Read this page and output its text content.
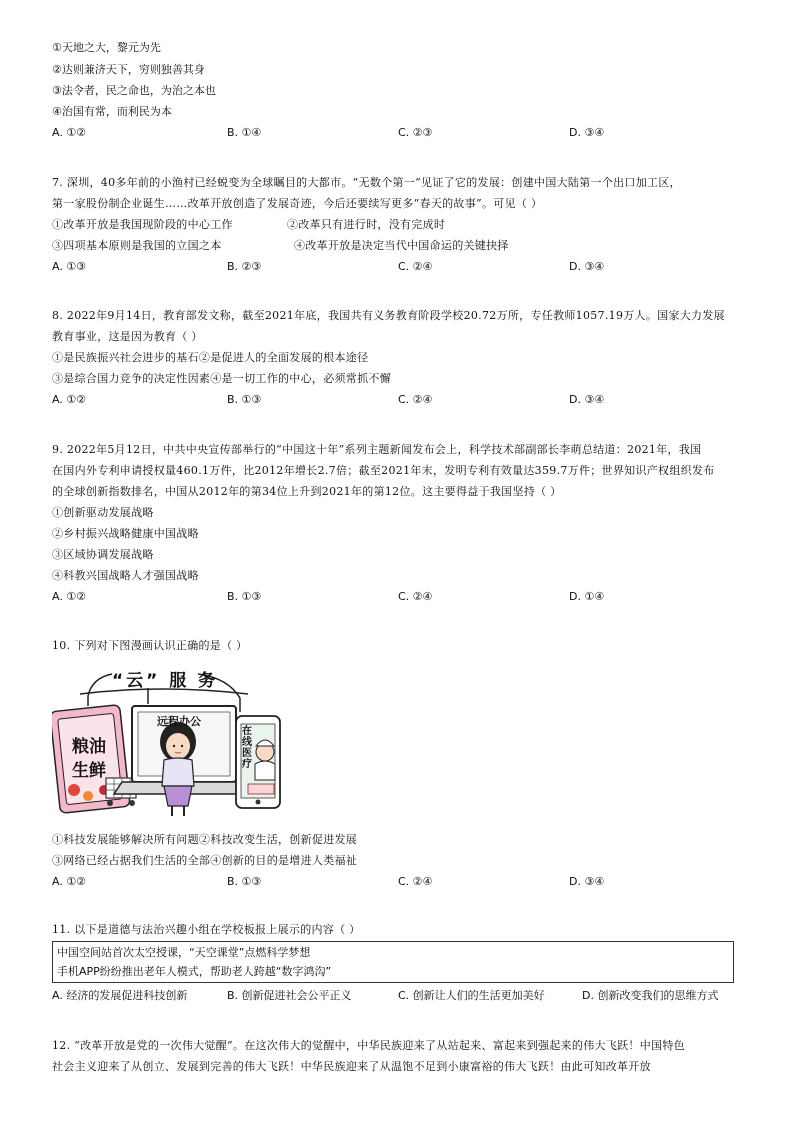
①天地之大，黎元为先
②达则兼济天下，穷则独善其身
③法令者，民之命也，为治之本也
④治国有常，而利民为本
A. ①②	B. ①④	C. ②③	D. ③④
7. 深圳，40多年前的小渔村已经蜕变为全球瞩目的大都市。“无数个第一”见证了它的发展：创建中国大陆第一个出口加工区，
第一家股份制企业诞生……改革开放创造了发展奇迹，今后还要续写更多“春天的故事”。可见（ ）
①改革开放是我国现阶段的中心工作	②改革只有进行时，没有完成时
③四项基本原则是我国的立国之本	④改革开放是决定当代中国命运的关键抉择
A. ①③	B. ②③	C. ②④	D. ③④
8. 2022年9月14日，教育部发文称，截至2021年底，我国共有义务教育阶段学校20.72万所，专任教师1057.19万人。国家大力发展
教育事业，这是因为教育（ ）
①是民族振兴社会进步的基石②是促进人的全面发展的根本途径
③是综合国力竞争的决定性因素④是一切工作的中心，必须常抓不懈
A. ①②	B. ①③	C. ②④	D. ③④
9. 2022年5月12日，中共中央宣传部举行的“中国这十年”系列主题新闻发布会上，科学技术部副部长李萌总结道：2021年，我国
在国内外专利申请授权量460.1万件，比2012年增长2.7倍；截至2021年末，发明专利有效量达359.7万件；世界知识产权组织发布
的全球创新指数排名，中国从2012年的第34位上升到2021年的第12位。这主要得益于我国坚持（ ）
①创新驱动发展战略
②乡村振兴战略健康中国战略
③区域协调发展战略
④科教兴国战略人才强国战略
A. ①②	B. ①③	C. ②④	D. ①④
10. 下列对下图漫画认识正确的是（ ）
“云” 服 务
远程办公
粮油
生鲜
在
线
医
疗
①科技发展能够解决所有问题②科技改变生活，创新促进发展
③网络已经占据我们生活的全部④创新的目的是增进人类福祉
A. ①②	B. ①③	C. ②④	D. ③④
11. 以下是道德与法治兴趣小组在学校板报上展示的内容（ ）
中国空间站首次太空授课，“天空课堂”点燃科学梦想
手机APP纷纷推出老年人模式，帮助老人跨越“数字鸿沟”
A. 经济的发展促进科技创新	B. 创新促进社会公平正义	C. 创新让人们的生活更加美好	D. 创新改变我们的思维方式
12. “改革开放是党的一次伟大觉醒”。在这次伟大的觉醒中，中华民族迎来了从站起来、富起来到强起来的伟大飞跃！中国特色
社会主义迎来了从创立、发展到完善的伟大飞跃！中华民族迎来了从温饱不足到小康富裕的伟大飞跃！由此可知改革开放
